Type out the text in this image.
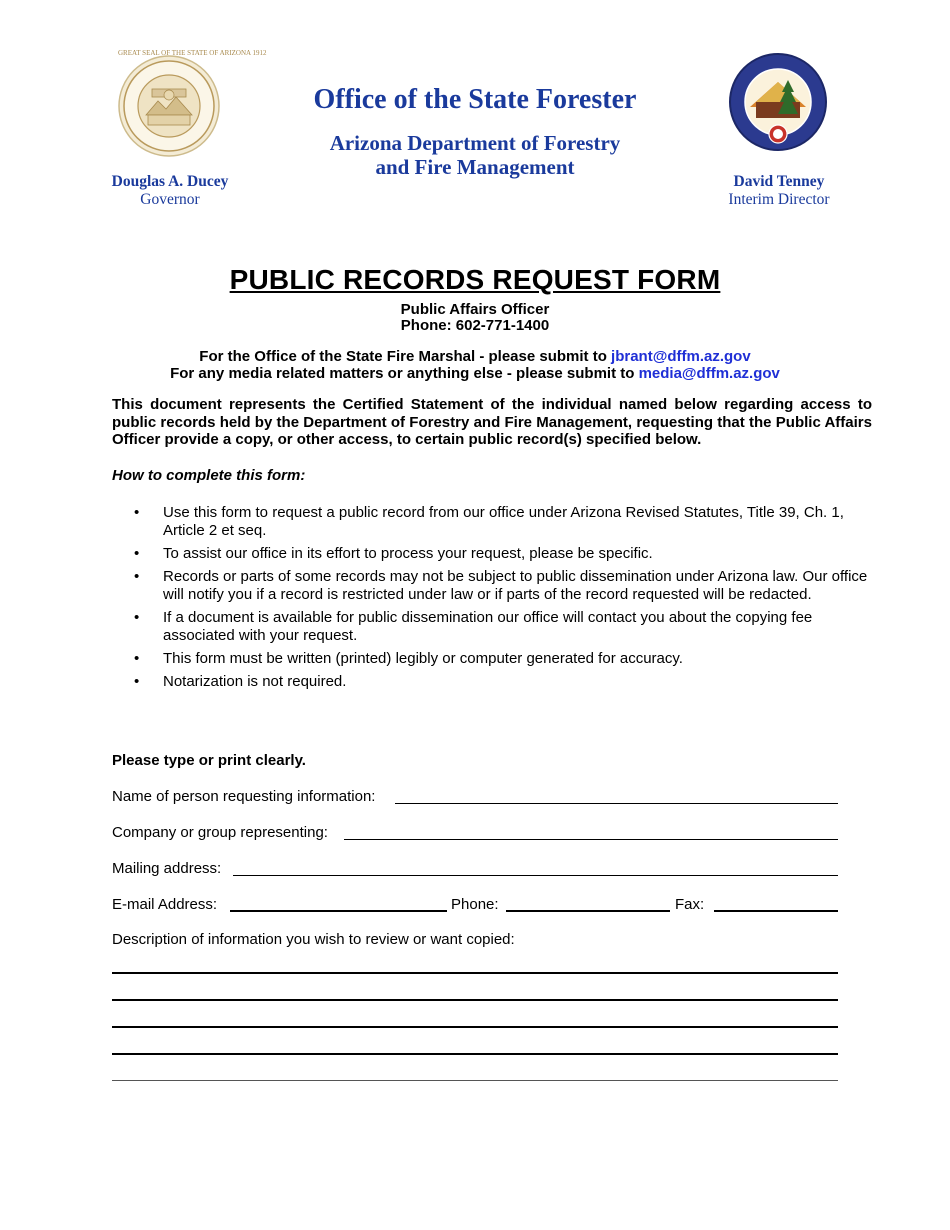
GREAT SEAL OF THE STATE OF ARIZONA 1912	DEPARTMENT OF FORESTRY AND FIRE MANAGEMENT AZ
Douglas A. Ducey
Governor
David Tenney
Interim Director
Office of the State Forester
Arizona Department of Forestry
and Fire Management
PUBLIC RECORDS REQUEST FORM
Public Affairs Officer
Phone: 602-771-1400
For the Office of the State Fire Marshal - please submit to jbrant@dffm.az.gov
For any media related matters or anything else - please submit to media@dffm.az.gov
This document represents the Certified Statement of the individual named below regarding access to public records held by the Department of Forestry and Fire Management, requesting that the Public Affairs Officer provide a copy, or other access, to certain public record(s) specified below.
How to complete this form:
• Use this form to request a public record from our office under Arizona Revised Statutes, Title 39, Ch. 1, Article 2 et seq.
• To assist our office in its effort to process your request, please be specific.
• Records or parts of some records may not be subject to public dissemination under Arizona law. Our office will notify you if a record is restricted under law or if parts of the record requested will be redacted.
• If a document is available for public dissemination our office will contact you about the copying fee associated with your request.
• This form must be written (printed) legibly or computer generated for accuracy.
• Notarization is not required.
Please type or print clearly.
Name of person requesting information:
Company or group representing:
Mailing address:
E-mail Address:	Phone:	Fax:
Description of information you wish to review or want copied:
